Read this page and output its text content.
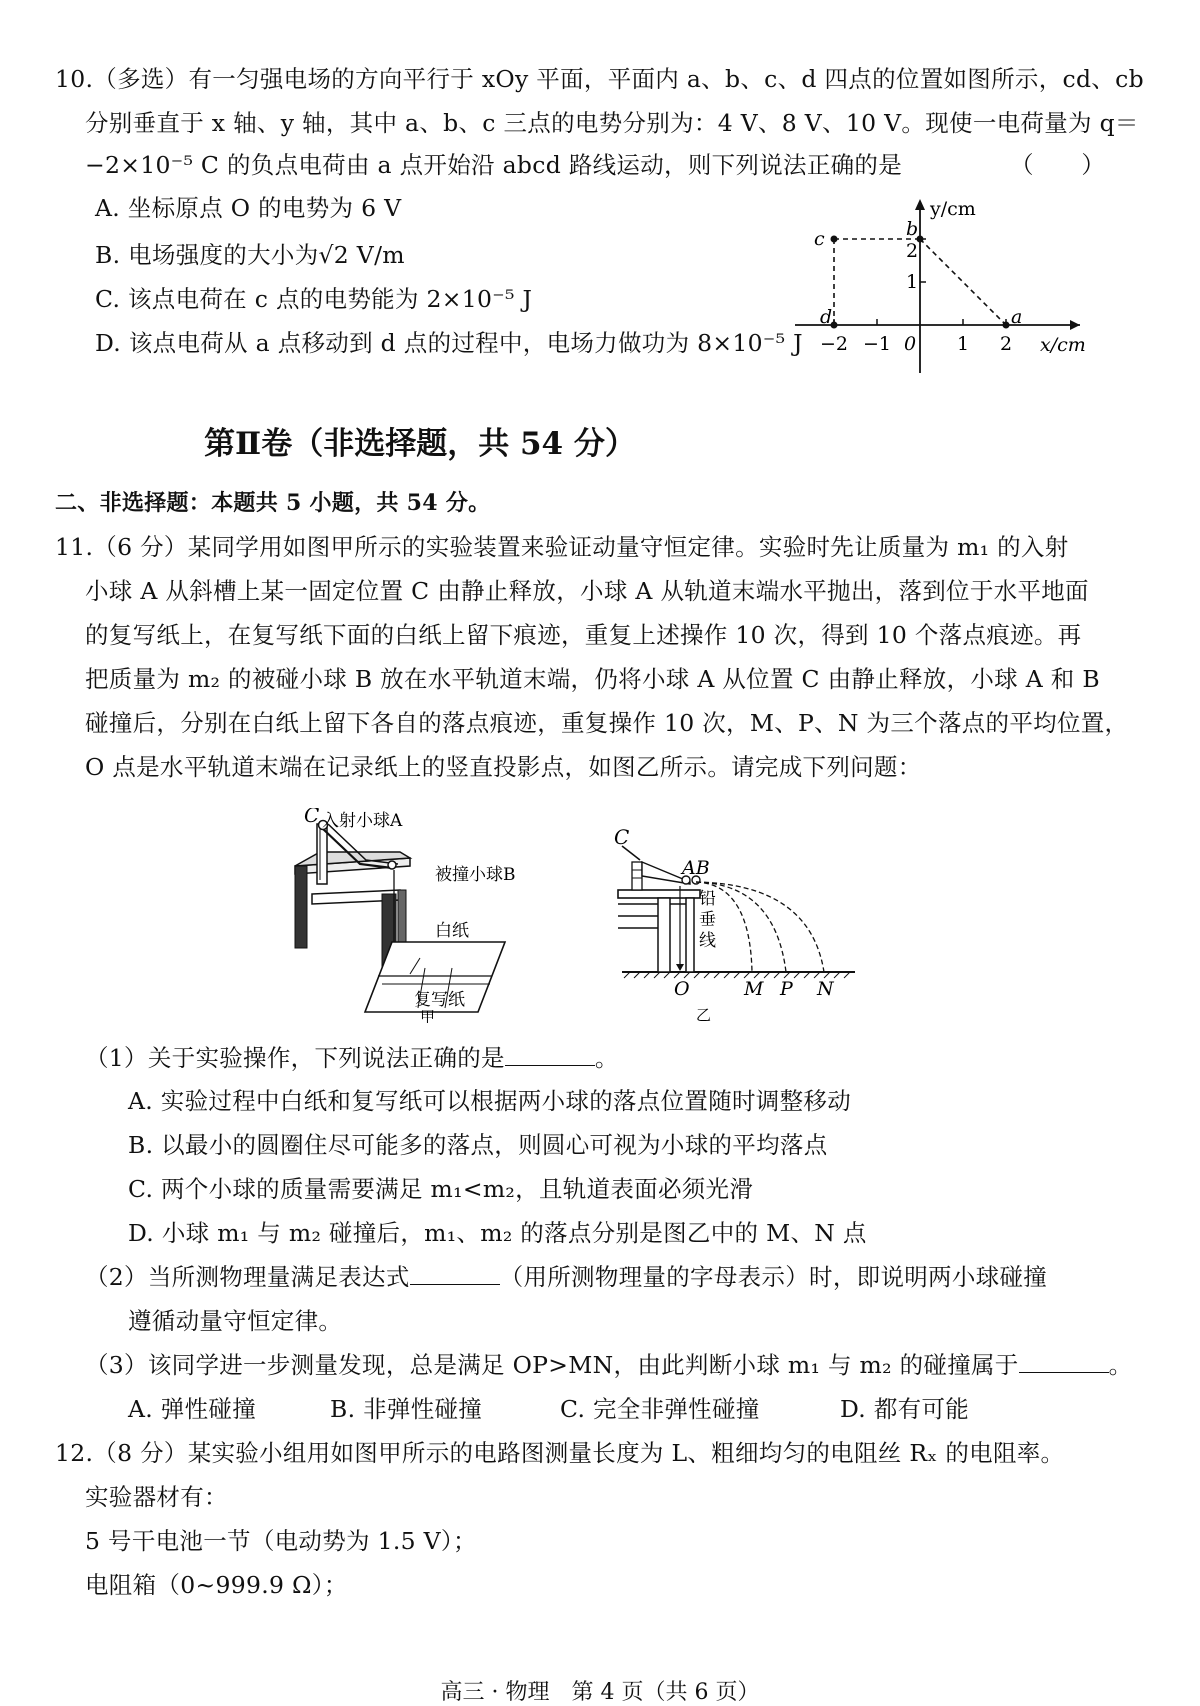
10.（多选）有一匀强电场的方向平行于 xOy 平面，平面内 a、b、c、d 四点的位置如图所示，cd、cb
分别垂直于 x 轴、y 轴，其中 a、b、c 三点的电势分别为：4 V、8 V、10 V。现使一电荷量为 q＝
−2×10⁻⁵ C 的负点电荷由 a 点开始沿 abcd 路线运动，则下列说法正确的是	（　　）
A. 坐标原点 O 的电势为 6 V
B. 电场强度的大小为√2 V/m
C. 该点电荷在 c 点的电势能为 2×10⁻⁵ J
D. 该点电荷从 a 点移动到 d 点的过程中，电场力做功为 8×10⁻⁵ J
y/cm
x/cm
c	b
a
d
−2 −1 0 1 2
1
2
第Ⅱ卷（非选择题，共 54 分）
二、非选择题：本题共 5 小题，共 54 分。
11.（6 分）某同学用如图甲所示的实验装置来验证动量守恒定律。实验时先让质量为 m₁ 的入射
小球 A 从斜槽上某一固定位置 C 由静止释放，小球 A 从轨道末端水平抛出，落到位于水平地面
的复写纸上，在复写纸下面的白纸上留下痕迹，重复上述操作 10 次，得到 10 个落点痕迹。再
把质量为 m₂ 的被碰小球 B 放在水平轨道末端，仍将小球 A 从位置 C 由静止释放，小球 A 和 B
碰撞后，分别在白纸上留下各自的落点痕迹，重复操作 10 次，M、P、N 为三个落点的平均位置，
O 点是水平轨道末端在记录纸上的竖直投影点，如图乙所示。请完成下列问题：
C 入射小球A
被撞小球B
白纸
复写纸
甲
C
AB
铅
垂
线
O	M P N
乙
（1）关于实验操作，下列说法正确的是	。
A. 实验过程中白纸和复写纸可以根据两小球的落点位置随时调整移动
B. 以最小的圆圈住尽可能多的落点，则圆心可视为小球的平均落点
C. 两个小球的质量需要满足 m₁<m₂，且轨道表面必须光滑
D. 小球 m₁ 与 m₂ 碰撞后，m₁、m₂ 的落点分别是图乙中的 M、N 点
（2）当所测物理量满足表达式	（用所测物理量的字母表示）时，即说明两小球碰撞
遵循动量守恒定律。
（3）该同学进一步测量发现，总是满足 OP>MN，由此判断小球 m₁ 与 m₂ 的碰撞属于	。
A. 弹性碰撞	B. 非弹性碰撞	C. 完全非弹性碰撞	D. 都有可能
12.（8 分）某实验小组用如图甲所示的电路图测量长度为 L、粗细均匀的电阻丝 Rₓ 的电阻率。
实验器材有：
5 号干电池一节（电动势为 1.5 V）；
电阻箱（0~999.9 Ω）；
高三 · 物理　第 4 页（共 6 页）
